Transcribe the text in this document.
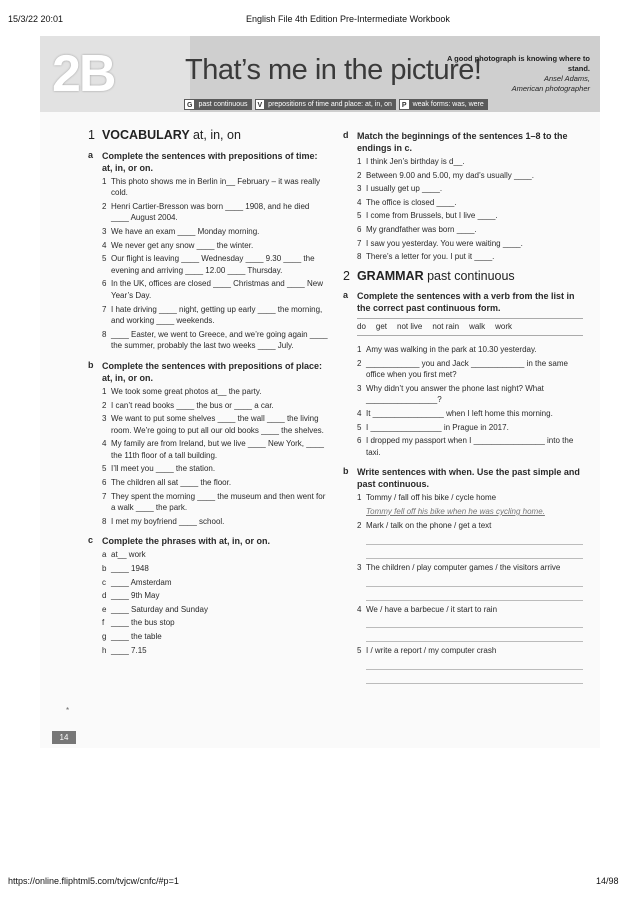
15/3/22 20:01	English File 4th Edition Pre-Intermediate Workbook
https://online.fliphtml5.com/tvjcw/cnfc/#p=1	14/98
2B	That’s me in the picture!
A good photograph is knowing where to stand.
Ansel Adams,
American photographer
G past continuous	V prepositions of time and place: at, in, on	P weak forms: was, were
1 VOCABULARY at, in, on
a Complete the sentences with prepositions of time: at, in, or on.
1 This photo shows me in Berlin in__ February – it was really cold.
2 Henri Cartier-Bresson was born ____ 1908, and he died ____ August 2004.
3 We have an exam ____ Monday morning.
4 We never get any snow ____ the winter.
5 Our flight is leaving ____ Wednesday ____ 9.30 ____ the evening and arriving ____ 12.00 ____ Thursday.
6 In the UK, offices are closed ____ Christmas and ____ New Year’s Day.
7 I hate driving ____ night, getting up early ____ the morning, and working ____ weekends.
8 ____ Easter, we went to Greece, and we’re going again ____ the summer, probably the last two weeks ____ July.
b Complete the sentences with prepositions of place: at, in, or on.
1 We took some great photos at__ the party.
2 I can’t read books ____ the bus or ____ a car.
3 We want to put some shelves ____ the wall ____ the living room. We’re going to put all our old books ____ the shelves.
4 My family are from Ireland, but we live ____ New York, ____ the 11th floor of a tall building.
5 I’ll meet you ____ the station.
6 The children all sat ____ the floor.
7 They spent the morning ____ the museum and then went for a walk ____ the park.
8 I met my boyfriend ____ school.
c Complete the phrases with at, in, or on.
a at__ work
b ____ 1948
c ____ Amsterdam
d ____ 9th May
e ____ Saturday and Sunday
f ____ the bus stop
g ____ the table
h ____ 7.15
d Match the beginnings of the sentences 1–8 to the endings in c.
1 I think Jen’s birthday is d__.
2 Between 9.00 and 5.00, my dad’s usually ____.
3 I usually get up ____.
4 The office is closed ____.
5 I come from Brussels, but I live ____.
6 My grandfather was born ____.
7 I saw you yesterday. You were waiting ____.
8 There’s a letter for you. I put it ____.
2 GRAMMAR past continuous
a Complete the sentences with a verb from the list in the correct past continuous form.
do get not live not rain walk work
1 Amy was walking in the park at 10.30 yesterday.
2 ____________ you and Jack ____________ in the same office when you first met?
3 Why didn’t you answer the phone last night? What ________________?
4 It ________________ when I left home this morning.
5 I ________________ in Prague in 2017.
6 I dropped my passport when I ________________ into the taxi.
b Write sentences with when. Use the past simple and past continuous.
1 Tommy / fall off his bike / cycle home
Tommy fell off his bike when he was cycling home.
2 Mark / talk on the phone / get a text
3 The children / play computer games / the visitors arrive
4 We / have a barbecue / it start to rain
5 I / write a report / my computer crash
*
14
